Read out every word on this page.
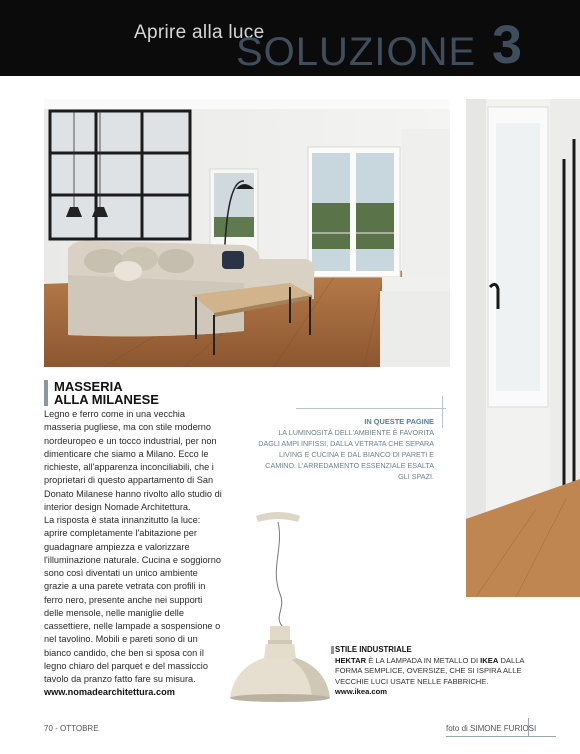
Aprire alla luce
SOLUZIONE 3
MASSERIA
ALLA MILANESE

Legno e ferro come in una vecchia masseria pugliese, ma con stile moderno nordeuropeo e un tocco industrial, per non dimenticare che siamo a Milano. Ecco le richieste, all'apparenza inconciliabili, che i proprietari di questo appartamento di San Donato Milanese hanno rivolto allo studio di interior design Nomade Architettura.

La risposta è stata innanzitutto la luce: aprire completamente l'abitazione per guadagnare ampiezza e valorizzare l'illuminazione naturale. Cucina e soggiorno sono così diventati un unico ambiente grazie a una parete vetrata con profili in ferro nero, presente anche nei supporti delle mensole, nelle maniglie delle cassettiere, nelle lampade a sospensione o nel tavolino. Mobili e pareti sono di un bianco candido, che ben si sposa con il legno chiaro del parquet e del massiccio tavolo da pranzo fatto fare su misura.

www.nomadearchitettura.com

IN QUESTE PAGINE
LA LUMINOSITÀ DELL'AMBIENTE È FAVORITA DAGLI AMPI INFISSI, DALLA VETRATA CHE SEPARA LIVING E CUCINA E DAL BIANCO DI PARETI E CAMINO. L'ARREDAMENTO ESSENZIALE ESALTA GLI SPAZI.
STILE INDUSTRIALE
HEKTAR È LA LAMPADA IN METALLO DI IKEA DALLA FORMA SEMPLICE, OVERSIZE, CHE SI ISPIRA ALLE VECCHIE LUCI USATE NELLE FABBRICHE.
www.ikea.com
70 - OTTOBRE	foto di SIMONE FURIOSI
